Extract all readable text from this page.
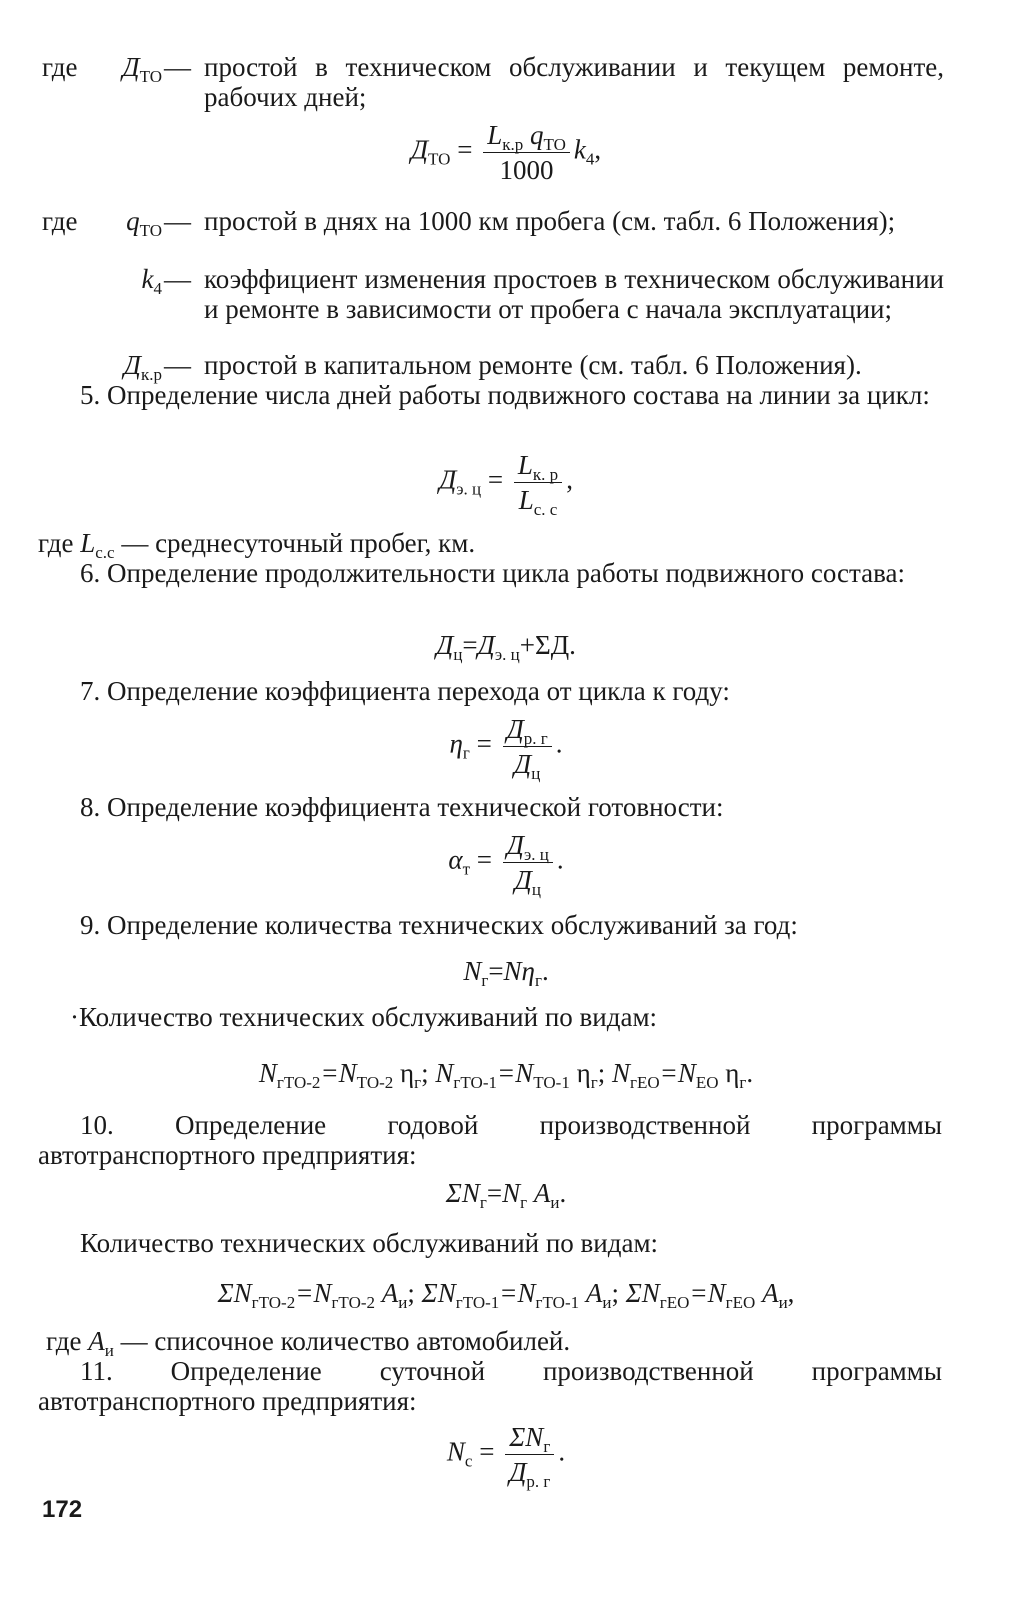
где	$Д_{ТО}$ — простой в техническом обслуживании и текущем ремонте, рабочих дней;
$Д_{ТО} = \frac{L_{к.р} q_{ТО}}{1000} k_4$,
где	$q_{ТО}$ — простой в днях на 1000 км пробега (см. табл. 6 Положения);
$k_4$ — коэффициент изменения простоев в техническом обслуживании и ремонте в зависимости от пробега с начала эксплуатации;
$Д_{к.р}$ — простой в капитальном ремонте (см. табл. 6 Положения).
5. Определение числа дней работы подвижного состава на линии за цикл:
$Д_{э. ц} = \frac{L_{к. р}}{L_{с. с}}$ ,
где $L_{с.с}$ — среднесуточный пробег, км.
6. Определение продолжительности цикла работы подвижного состава:
$Д_ц=Д_{э. ц}+\Sigma Д$.
7. Определение коэффициента перехода от цикла к году:
$\eta_г = \frac{Д_{р. г}}{Д_ц}$ .
8. Определение коэффициента технической готовности:
$\alpha_т = \frac{Д_{э. ц}}{Д_ц}$ .
9. Определение количества технических обслуживаний за год:
$N_г=N\eta_г$.
·Количество технических обслуживаний по видам:
$N_{гТО-2}=N_{ТО-2}$ $\eta_г$; $N_{гТО-1}=N_{ТО-1}$ $\eta_г$; $N_{гЕО}=N_{ЕО}$ $\eta_г$.
10. Определение годовой производственной программы автотранспортного предприятия:
$\Sigma N_г=N_г$ $A_и$.
Количество технических обслуживаний по видам:
$\Sigma N_{гТО-2}=N_{гТО-2}$ $A_и$; $\Sigma N_{гТО-1}=N_{гТО-1}$ $A_и$; $\Sigma N_{гЕО}=N_{гЕО}$ $A_и$,
где $A_и$ — списочное количество автомобилей.
11. Определение суточной производственной программы автотранспортного предприятия:
$N_с = \frac{\Sigma N_г}{Д_{р. г}}$ .
172
